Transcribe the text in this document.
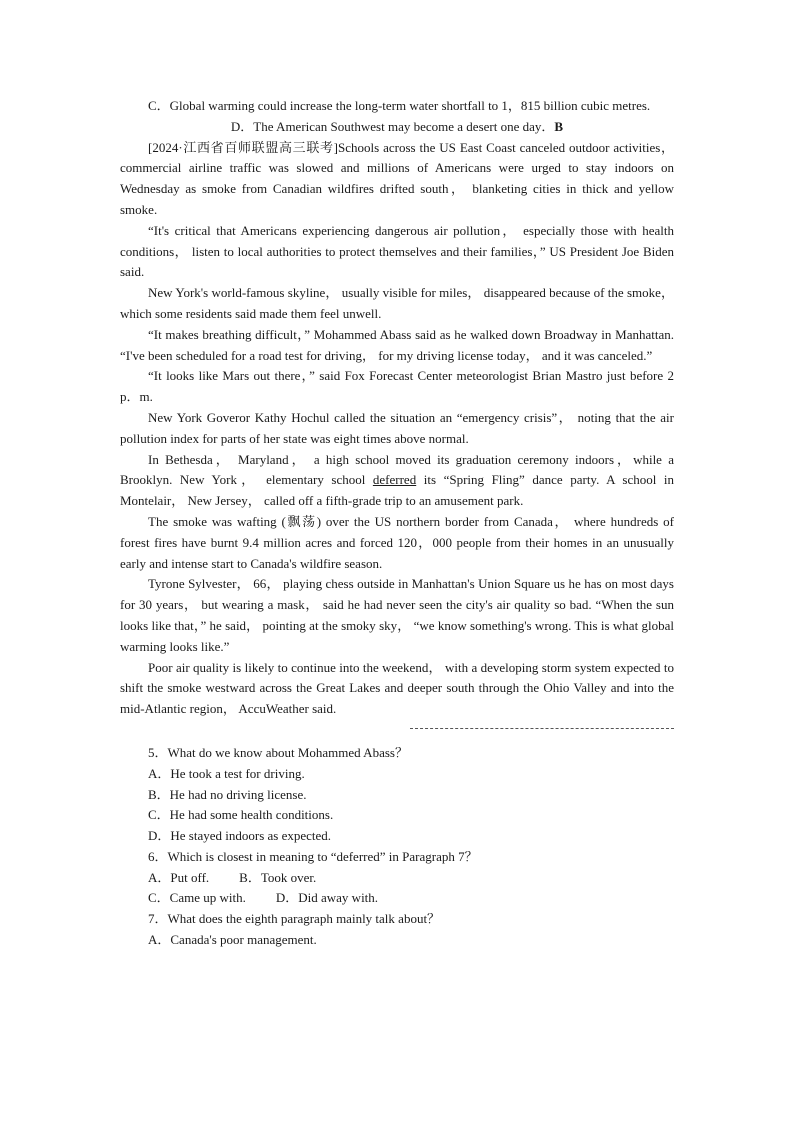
C．Global warming could increase the long-term water shortfall to 1，815 billion cubic metres.

D．The American Southwest may become a desert one day．B

[2024·江西省百师联盟高三联考]Schools across the US East Coast canceled outdoor activities， commercial airline traffic was slowed and millions of Americans were urged to stay indoors on Wednesday as smoke from Canadian wildfires drifted south， blanketing cities in thick and yellow smoke.

“It's critical that Americans experiencing dangerous air pollution， especially those with health conditions， listen to local authorities to protect themselves and their families，” US President Joe Biden said.

New York's world-famous skyline， usually visible for miles， disappeared because of the smoke， which some residents said made them feel unwell.

“It makes breathing difficult，” Mohammed Abass said as he walked down Broadway in Manhattan. “I've been scheduled for a road test for driving， for my driving license today， and it was canceled.”

“It looks like Mars out there，” said Fox Forecast Center meteorologist Brian Mastro just before 2 p．m.

New York Goveror Kathy Hochul called the situation an “emergency crisis”， noting that the air pollution index for parts of her state was eight times above normal.

In Bethesda， Maryland， a high school moved its graduation ceremony indoors，while a Brooklyn. New York， elementary school deferred its “Spring Fling” dance party. A school in Montelair， New Jersey， called off a fifth-grade trip to an amusement park.

The smoke was wafting (飘荡) over the US northern border from Canada， where hundreds of forest fires have burnt 9.4 million acres and forced 120，000 people from their homes in an unusually early and intense start to Canada's wildfire season.

Tyrone Sylvester， 66， playing chess outside in Manhattan's Union Square us he has on most days for 30 years， but wearing a mask， said he had never seen the city's air quality so bad. “When the sun looks like that，” he said， pointing at the smoky sky， “we know something's wrong. This is what global warming looks like.”

Poor air quality is likely to continue into the weekend， with a developing storm system expected to shift the smoke westward across the Great Lakes and deeper south through the Ohio Valley and into the mid-Atlantic region， AccuWeather said.

5．What do we know about Mohammed Abass？

A．He took a test for driving.

B．He had no driving license.

C．He had some health conditions.

D．He stayed indoors as expected.

6．Which is closest in meaning to “deferred” in Paragraph 7？

A．Put off. B．Took over.

C．Came up with. D．Did away with.

7．What does the eighth paragraph mainly talk about？

A．Canada's poor management.
